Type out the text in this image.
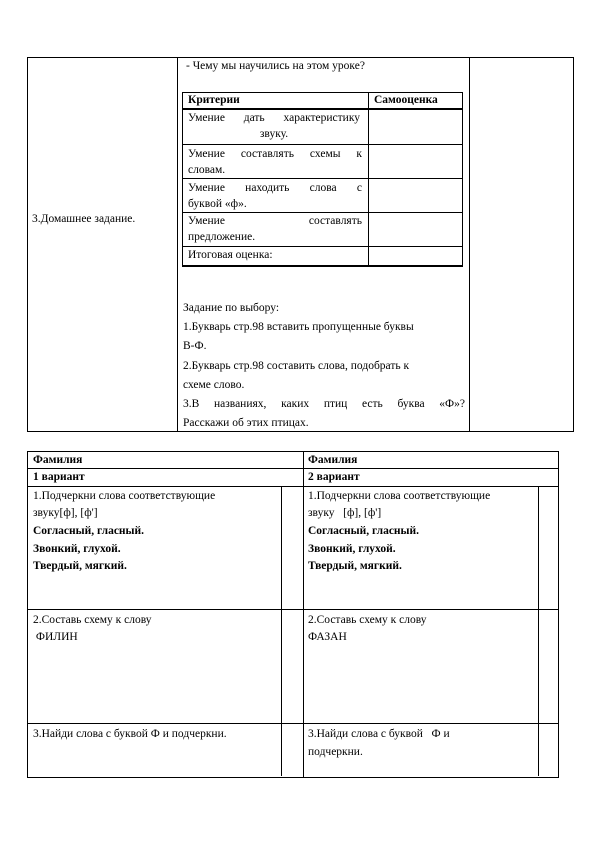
3.Домашнее задание.
- Чему мы научились на этом уроке?
Критерии	Самооценка
Умение дать характеристику
звуку.
Умение составлять схемы к
словам.
Умение находить слова с
буквой «ф».
Умение составлять
предложение.
Итоговая оценка:
Задание по выбору:
1.Букварь стр.98 вставить пропущенные буквы
В-Ф.
2.Букварь стр.98 составить слова, подобрать к
схеме слово.
3.В названиях, каких птиц есть буква «Ф»?
Расскажи об этих птицах.
Фамилия
1 вариант
1.Подчеркни слова соответствующие
звуку[ф], [ф']
Согласный, гласный.
Звонкий, глухой.
Твердый, мягкий.
2.Составь схему к слову
ФИЛИН
3.Найди слова с буквой Ф и подчеркни.
Фамилия
2 вариант
1.Подчеркни слова соответствующие
звуку   [ф], [ф']
Согласный, гласный.
Звонкий, глухой.
Твердый, мягкий.
2.Составь схему к слову
ФАЗАН
3.Найди слова с буквой   Ф и
подчеркни.
